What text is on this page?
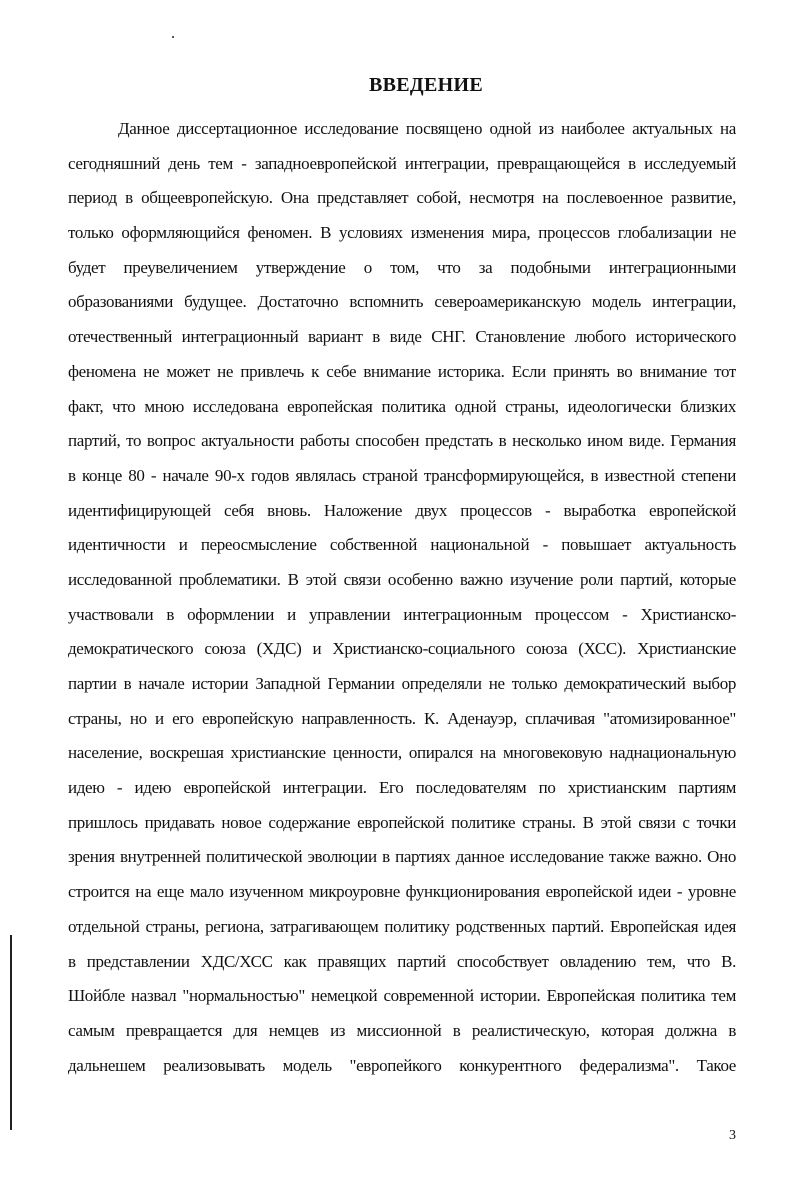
ВВЕДЕНИЕ
Данное диссертационное исследование посвящено одной из наиболее актуальных на
сегодняшний день тем - западноевропейской интеграции, превращающейся в исследуемый
период в общеевропейскую. Она представляет собой, несмотря на послевоенное развитие,
только оформляющийся феномен. В условиях изменения мира, процессов глобализации не
будет преувеличением утверждение о том, что за подобными интеграционными
образованиями будущее. Достаточно вспомнить североамериканскую модель интеграции,
отечественный интеграционный вариант в виде СНГ. Становление любого исторического
феномена не может не привлечь к себе внимание историка. Если принять во внимание тот
факт, что мною исследована европейская политика одной страны, идеологически близких
партий, то вопрос актуальности работы способен предстать в несколько ином виде. Германия
в конце 80 - начале 90-х годов являлась страной трансформирующейся, в известной степени
идентифицирующей себя вновь. Наложение двух процессов - выработка европейской
идентичности и переосмысление собственной национальной - повышает актуальность
исследованной проблематики. В этой связи особенно важно изучение роли партий, которые
участвовали в оформлении и управлении интеграционным процессом - Христианско-
демократического союза (ХДС) и Христианско-социального союза (ХСС). Христианские
партии в начале истории Западной Германии определяли не только демократический выбор
страны, но и его европейскую направленность. К. Аденауэр, сплачивая "атомизированное"
население, воскрешая христианские ценности, опирался на многовековую наднациональную
идею - идею европейской интеграции. Его последователям по христианским партиям
пришлось придавать новое содержание европейской политике страны. В этой связи с точки
зрения внутренней политической эволюции в партиях данное исследование также важно. Оно
строится на еще мало изученном микроуровне функционирования европейской идеи - уровне
отдельной страны, региона, затрагивающем политику родственных партий. Европейская идея
в представлении ХДС/ХСС как правящих партий способствует овладению тем, что В.
Шойбле назвал "нормальностью" немецкой современной истории. Европейская политика тем
самым превращается для немцев из миссионной в реалистическую, которая должна в
дальнешем реализовывать модель "европейкого конкурентного федерализма". Такое
3
